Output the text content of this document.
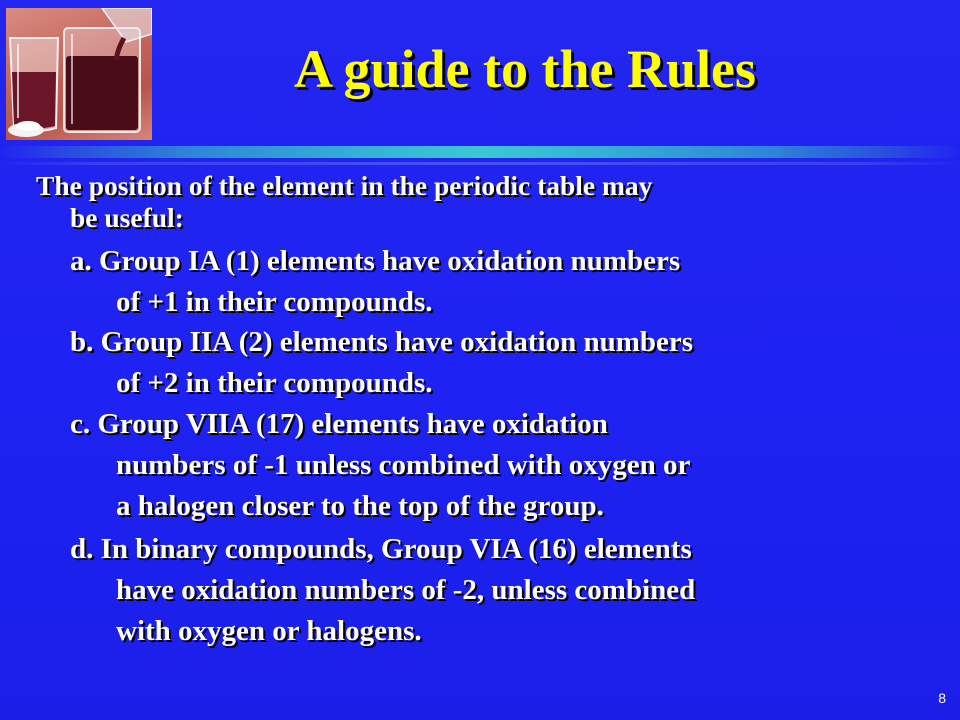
A guide to the Rules
The position of the element in the periodic table may
be useful:
a. Group IA (1) elements have oxidation numbers
of +1 in their compounds.
b. Group IIA (2) elements have oxidation numbers
of +2 in their compounds.
c. Group VIIA (17) elements have oxidation
numbers of -1 unless combined with oxygen or
a halogen closer to the top of the group.
d. In binary compounds, Group VIA (16) elements
have oxidation numbers of -2, unless combined
with oxygen or halogens.
8
